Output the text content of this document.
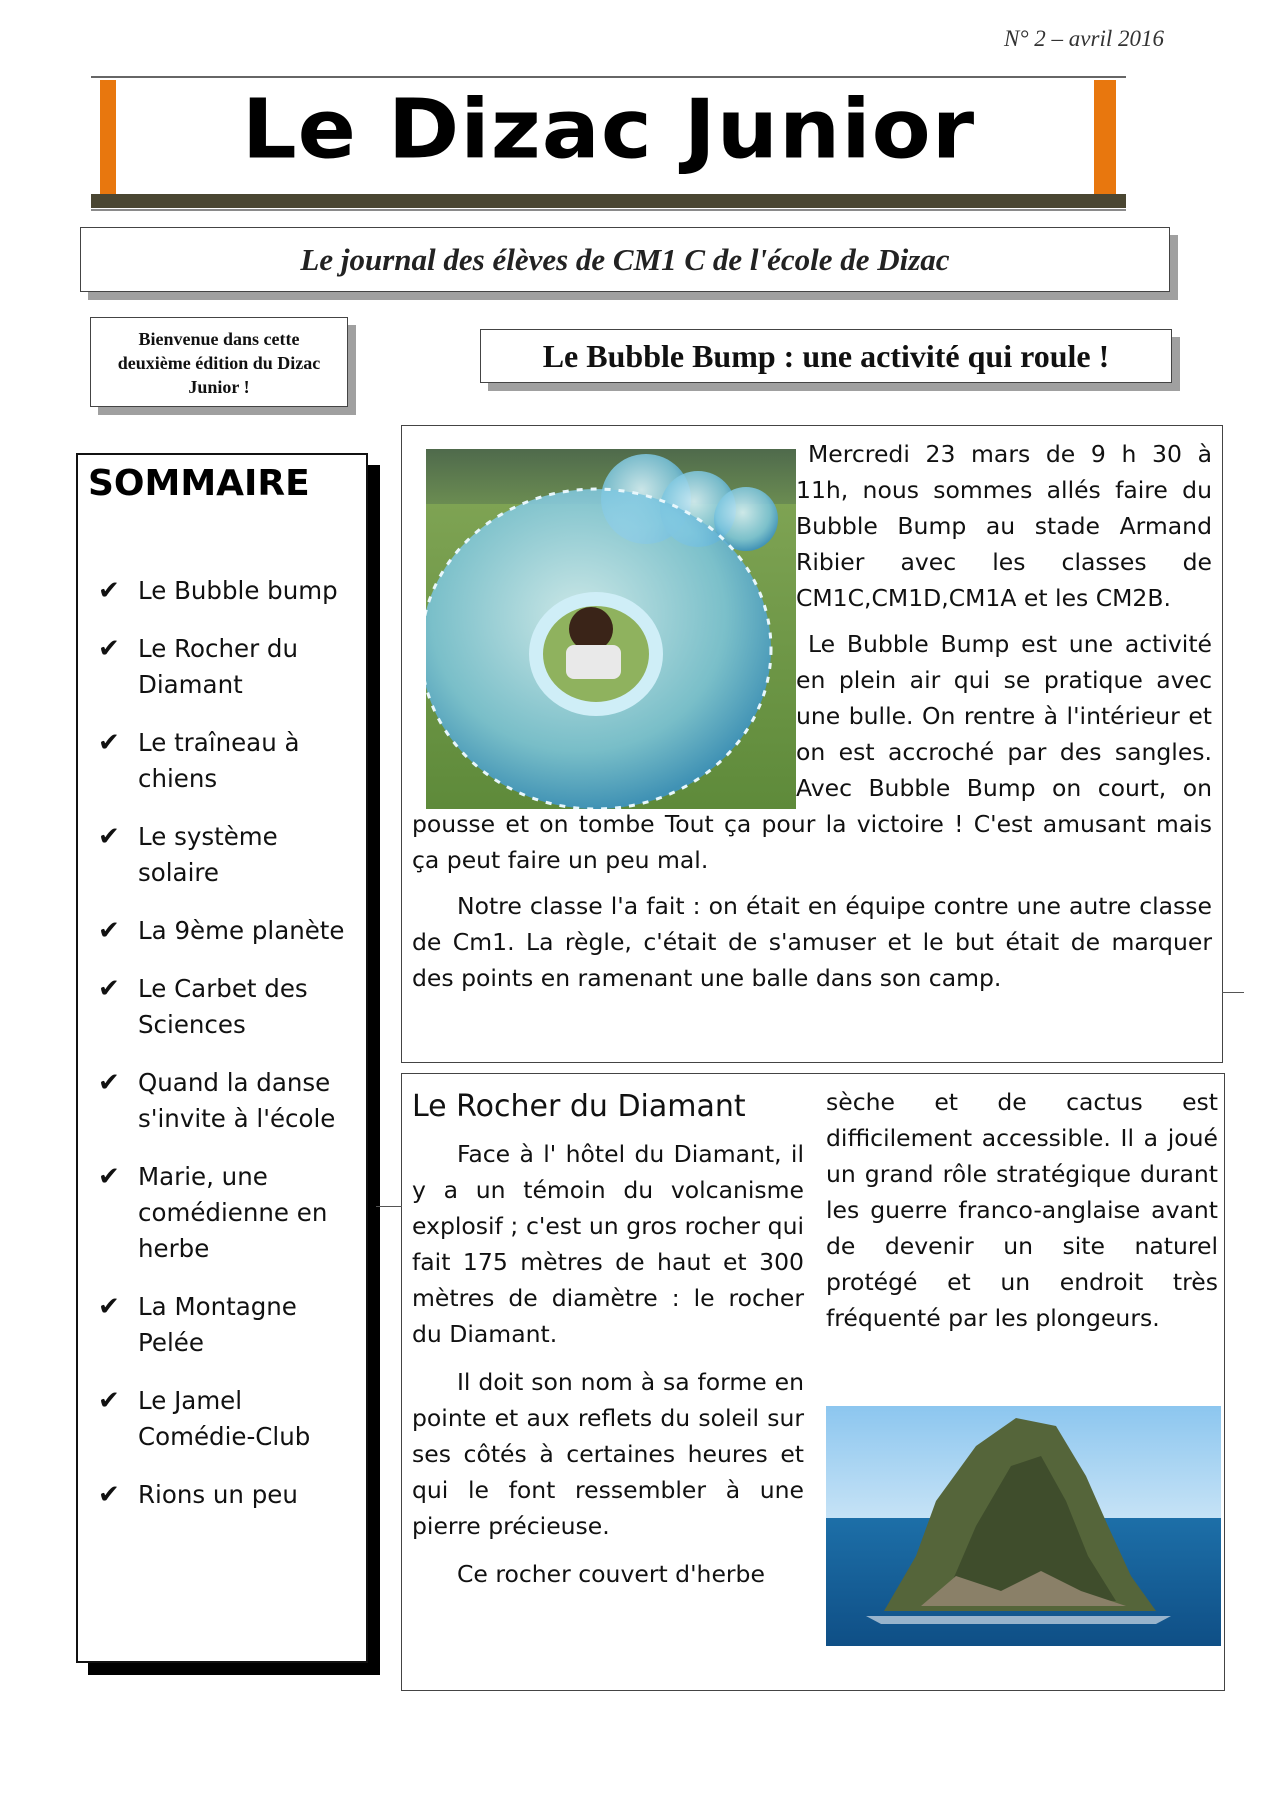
N° 2 – avril 2016
Le Dizac Junior
Le journal des élèves de CM1 C de l'école de Dizac
Bienvenue dans cette deuxième édition du Dizac Junior !
Le Bubble Bump : une activité qui roule !
SOMMAIRE
✔ Le Bubble bump
✔ Le Rocher du Diamant
✔ Le traîneau à chiens
✔ Le système solaire
✔ La 9ème planète
✔ Le Carbet des Sciences
✔ Quand la danse s'invite à l'école
✔ Marie, une comédienne en herbe
✔ La Montagne Pelée
✔ Le Jamel Comédie-Club
✔ Rions un peu

Mercredi 23 mars de 9 h 30 à 11h, nous sommes allés faire du Bubble Bump au stade Armand Ribier avec les classes de CM1C,CM1D,CM1A et les CM2B.

Le Bubble Bump est une activité en plein air qui se pratique avec une bulle. On rentre à l'intérieur et on est accroché par des sangles. Avec Bubble Bump on court, on pousse et on tombe Tout ça pour la victoire ! C'est amusant mais ça peut faire un peu mal.

Notre classe l'a fait : on était en équipe contre une autre classe de Cm1. La règle, c'était de s'amuser et le but était de marquer des points en ramenant une balle dans son camp.

Le Rocher du Diamant

Face à l' hôtel du Diamant, il y a un témoin du volcanisme explosif ; c'est un gros rocher qui fait 175 mètres de haut et 300 mètres de diamètre : le rocher du Diamant.

Il doit son nom à sa forme en pointe et aux reflets du soleil sur ses côtés à certaines heures et qui le font ressembler à une pierre précieuse.

Ce rocher couvert d'herbe

sèche et de cactus est difficilement accessible. Il a joué un grand rôle stratégique durant les guerre franco-anglaise avant de devenir un site naturel protégé et un endroit très fréquenté par les plongeurs.
